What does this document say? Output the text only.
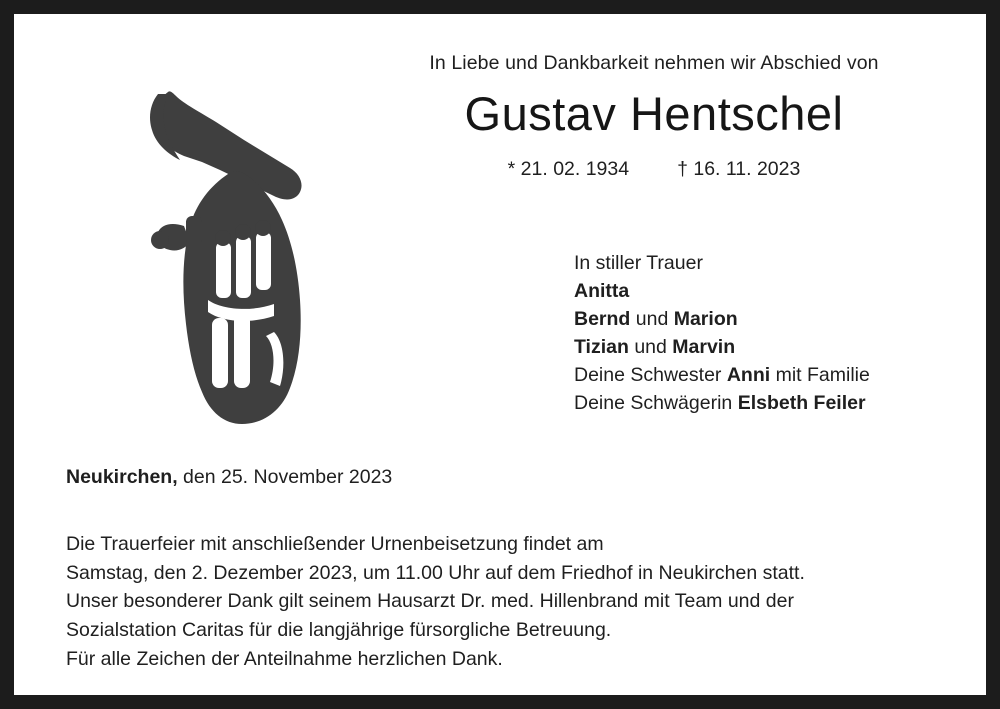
In Liebe und Dankbarkeit nehmen wir Abschied von
Gustav Hentschel
* 21. 02. 1934 † 16. 11. 2023
In stiller Trauer
Anitta
Bernd und Marion
Tizian und Marvin
Deine Schwester Anni mit Familie
Deine Schwägerin Elsbeth Feiler
Neukirchen, den 25. November 2023
Die Trauerfeier mit anschließender Urnenbeisetzung findet am
Samstag, den 2. Dezember 2023, um 11.00 Uhr auf dem Friedhof in Neukirchen statt.
Unser besonderer Dank gilt seinem Hausarzt Dr. med. Hillenbrand mit Team und der
Sozialstation Caritas für die langjährige fürsorgliche Betreuung.
Für alle Zeichen der Anteilnahme herzlichen Dank.
